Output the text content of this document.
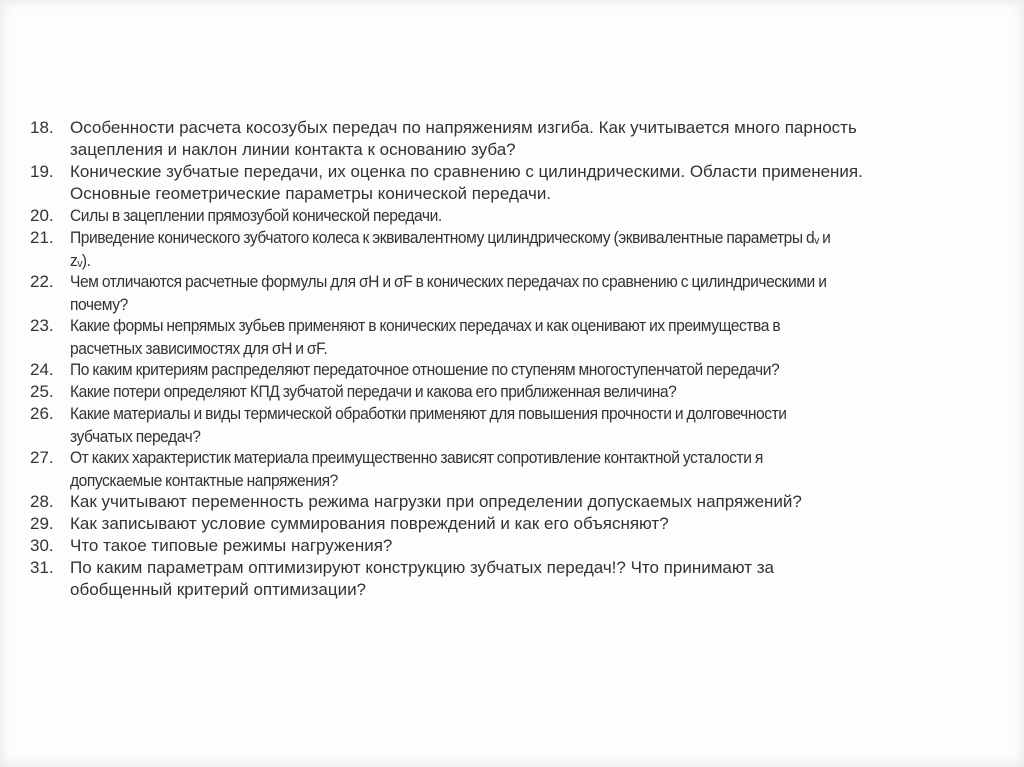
18. Особенности расчета косозубых передач по напряжениям изгиба. Как учитывается много парность
зацепления и наклон линии контакта к основанию зуба?
19. Конические зубчатые передачи, их оценка по сравнению с цилиндрическими. Области применения.
Основные геометрические параметры конической передачи.
20.	Силы в зацеплении прямозубой конической передачи.
21.	Приведение конического зубчатого колеса к эквивалентному цилиндрическому (эквивалентные параметры dᵥ и
zᵥ).
22.	Чем отличаются расчетные формулы для σH и σF в конических передачах по сравнению с цилиндрическими и
почему?
23.	Какие формы непрямых зубьев применяют в конических передачах и как оценивают их преимущества в
расчетных зависимостях для σH и σF.
24.	По каким критериям распределяют передаточное отношение по ступеням многоступенчатой передачи?
25.	Какие потери определяют КПД зубчатой передачи и какова его приближенная величина?
26.	Какие материалы и виды термической обработки применяют для повышения прочности и долговечности
зубчатых передач?
27.	От каких характеристик материала преимущественно зависят сопротивление контактной усталости я
допускаемые контактные напряжения?
28. Как учитывают переменность режима нагрузки при определении допускаемых напряжений?
29. Как записывают условие суммирования повреждений и как его объясняют?
30. Что такое типовые режимы нагружения?
31. По каким параметрам оптимизируют конструкцию зубчатых передач!? Что принимают за
обобщенный критерий оптимизации?
